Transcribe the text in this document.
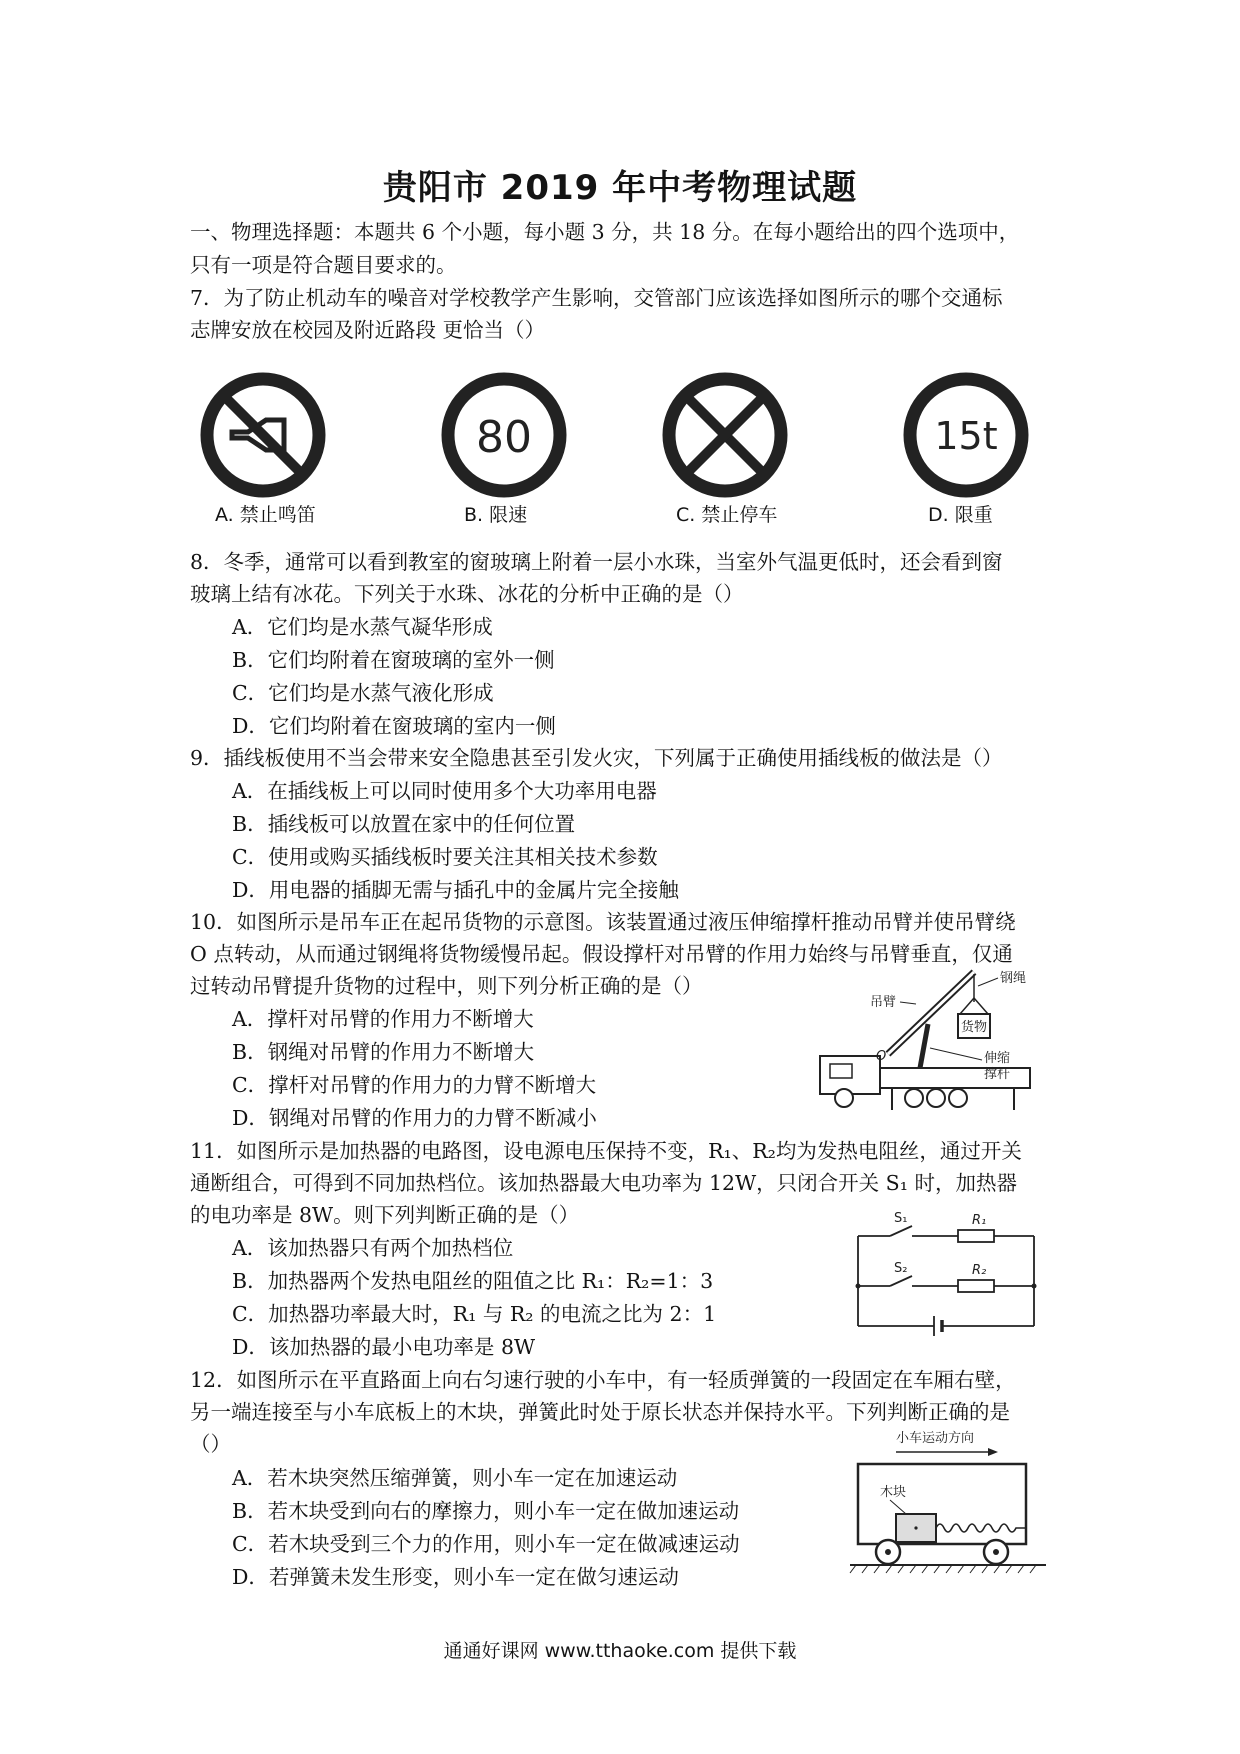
贵阳市 2019 年中考物理试题
一、物理选择题：本题共 6 个小题，每小题 3 分，共 18 分。在每小题给出的四个选项中，
只有一项是符合题目要求的。
7．为了防止机动车的噪音对学校教学产生影响，交管部门应该选择如图所示的哪个交通标
志牌安放在校园及附近路段 更恰当（）
80	15t
A. 禁止鸣笛	B. 限速	C. 禁止停车	D. 限重
8．冬季，通常可以看到教室的窗玻璃上附着一层小水珠，当室外气温更低时，还会看到窗
玻璃上结有冰花。下列关于水珠、冰花的分析中正确的是（）
A．它们均是水蒸气凝华形成
B．它们均附着在窗玻璃的室外一侧
C．它们均是水蒸气液化形成
D．它们均附着在窗玻璃的室内一侧
9．插线板使用不当会带来安全隐患甚至引发火灾，下列属于正确使用插线板的做法是（）
A．在插线板上可以同时使用多个大功率用电器
B．插线板可以放置在家中的任何位置
C．使用或购买插线板时要关注其相关技术参数
D．用电器的插脚无需与插孔中的金属片完全接触
10．如图所示是吊车正在起吊货物的示意图。该装置通过液压伸缩撑杆推动吊臂并使吊臂绕
O 点转动，从而通过钢绳将货物缓慢吊起。假设撑杆对吊臂的作用力始终与吊臂垂直，仅通
过转动吊臂提升货物的过程中，则下列分析正确的是（）
A．撑杆对吊臂的作用力不断增大
B．钢绳对吊臂的作用力不断增大
C．撑杆对吊臂的作用力的力臂不断增大
D．钢绳对吊臂的作用力的力臂不断减小
货物
吊臂
钢绳
O	伸缩
撑杆
11．如图所示是加热器的电路图，设电源电压保持不变，R₁、R₂均为发热电阻丝，通过开关
通断组合，可得到不同加热档位。该加热器最大电功率为 12W，只闭合开关 S₁ 时，加热器
的电功率是 8W。则下列判断正确的是（）
A．该加热器只有两个加热档位
B．加热器两个发热电阻丝的阻值之比 R₁：R₂=1：3
C．加热器功率最大时，R₁ 与 R₂ 的电流之比为 2：1
D．该加热器的最小电功率是 8W
S₁	R₁
S₂	R₂
12．如图所示在平直路面上向右匀速行驶的小车中，有一轻质弹簧的一段固定在车厢右壁，
另一端连接至与小车底板上的木块，弹簧此时处于原长状态并保持水平。下列判断正确的是
（）
A．若木块突然压缩弹簧，则小车一定在加速运动
B．若木块受到向右的摩擦力，则小车一定在做加速运动
C．若木块受到三个力的作用，则小车一定在做减速运动
D．若弹簧未发生形变，则小车一定在做匀速运动
小车运动方向
木块
通通好课网 www.tthaoke.com 提供下载
